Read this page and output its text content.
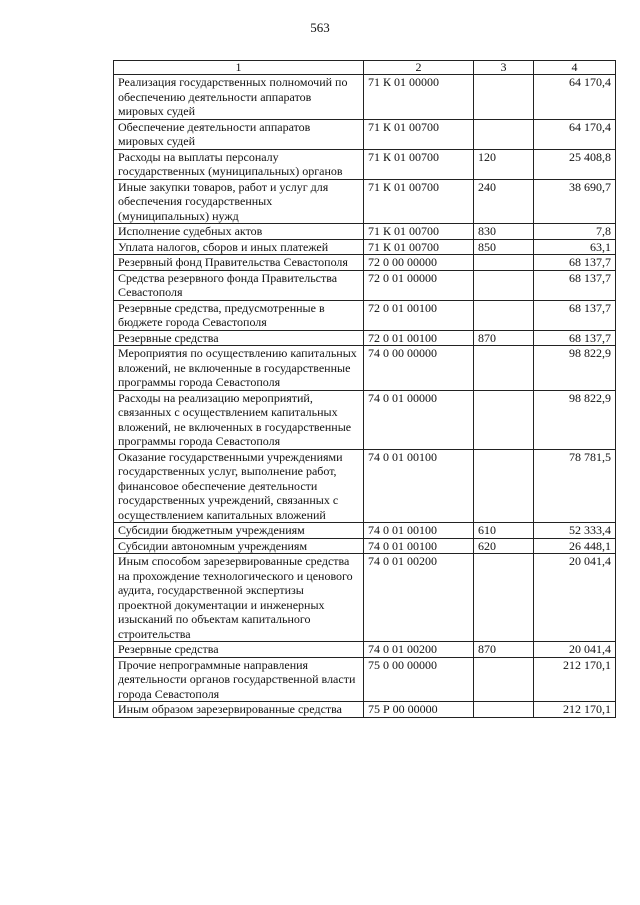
563
1	2	3	4
Реализация государственных полномочий по обеспечению деятельности аппаратов мировых судей	71 К 01 00000		64 170,4
Обеспечение деятельности аппаратов мировых судей	71 К 01 00700		64 170,4
Расходы на выплаты персоналу государственных (муниципальных) органов	71 К 01 00700	120	25 408,8
Иные закупки товаров, работ и услуг для обеспечения государственных (муниципальных) нужд	71 К 01 00700	240	38 690,7
Исполнение судебных актов	71 К 01 00700	830	7,8
Уплата налогов, сборов и иных платежей	71 К 01 00700	850	63,1
Резервный фонд Правительства Севастополя	72 0 00 00000		68 137,7
Средства резервного фонда Правительства Севастополя	72 0 01 00000		68 137,7
Резервные средства, предусмотренные в бюджете города Севастополя	72 0 01 00100		68 137,7
Резервные средства	72 0 01 00100	870	68 137,7
Мероприятия по осуществлению капитальных вложений, не включенные в государственные программы города Севастополя	74 0 00 00000		98 822,9
Расходы на реализацию мероприятий, связанных с осуществлением капитальных вложений, не включенных в государственные программы города Севастополя	74 0 01 00000		98 822,9
Оказание государственными учреждениями государственных услуг, выполнение работ, финансовое обеспечение деятельности государственных учреждений, связанных с осуществлением капитальных вложений	74 0 01 00100		78 781,5
Субсидии бюджетным учреждениям	74 0 01 00100	610	52 333,4
Субсидии автономным учреждениям	74 0 01 00100	620	26 448,1
Иным способом зарезервированные средства на прохождение технологического и ценового аудита, государственной экспертизы проектной документации и инженерных изысканий по объектам капитального строительства	74 0 01 00200		20 041,4
Резервные средства	74 0 01 00200	870	20 041,4
Прочие непрограммные направления деятельности органов государственной власти города Севастополя	75 0 00 00000		212 170,1
Иным образом зарезервированные средства	75 Р 00 00000		212 170,1
